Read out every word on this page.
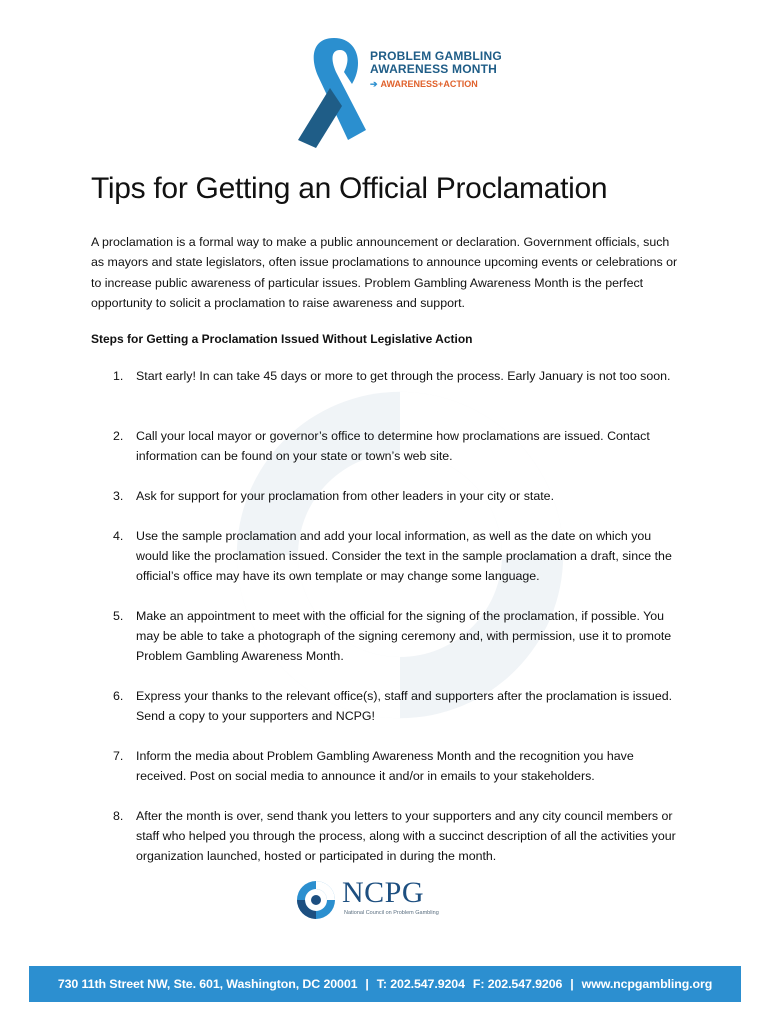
PROBLEM GAMBLING
AWARENESS MONTH
➔ AWARENESS+ACTION
Tips for Getting an Official Proclamation

A proclamation is a formal way to make a public announcement or declaration. Government officials, such as mayors and state legislators, often issue proclamations to announce upcoming events or celebrations or to increase public awareness of particular issues. Problem Gambling Awareness Month is the perfect opportunity to solicit a proclamation to raise awareness and support.

Steps for Getting a Proclamation Issued Without Legislative Action

1.	Start early! In can take 45 days or more to get through the process. Early January is not too soon.
2.	Call your local mayor or governor’s office to determine how proclamations are issued. Contact information can be found on your state or town’s web site.
3.	Ask for support for your proclamation from other leaders in your city or state.
4.	Use the sample proclamation and add your local information, as well as the date on which you would like the proclamation issued. Consider the text in the sample proclamation a draft, since the official’s office may have its own template or may change some language.
5.	Make an appointment to meet with the official for the signing of the proclamation, if possible. You may be able to take a photograph of the signing ceremony and, with permission, use it to promote Problem Gambling Awareness Month.
6.	Express your thanks to the relevant office(s), staff and supporters after the proclamation is issued. Send a copy to your supporters and NCPG!
7.	Inform the media about Problem Gambling Awareness Month and the recognition you have received. Post on social media to announce it and/or in emails to your stakeholders.
8.	After the month is over, send thank you letters to your supporters and any city council members or staff who helped you through the process, along with a succinct description of all the activities your organization launched, hosted or participated in during the month.

NCPG

National Council on Problem Gambling
730 11th Street NW, Ste. 601, Washington, DC 20001 | T: 202.547.9204 F: 202.547.9206 | www.ncpgambling.org
